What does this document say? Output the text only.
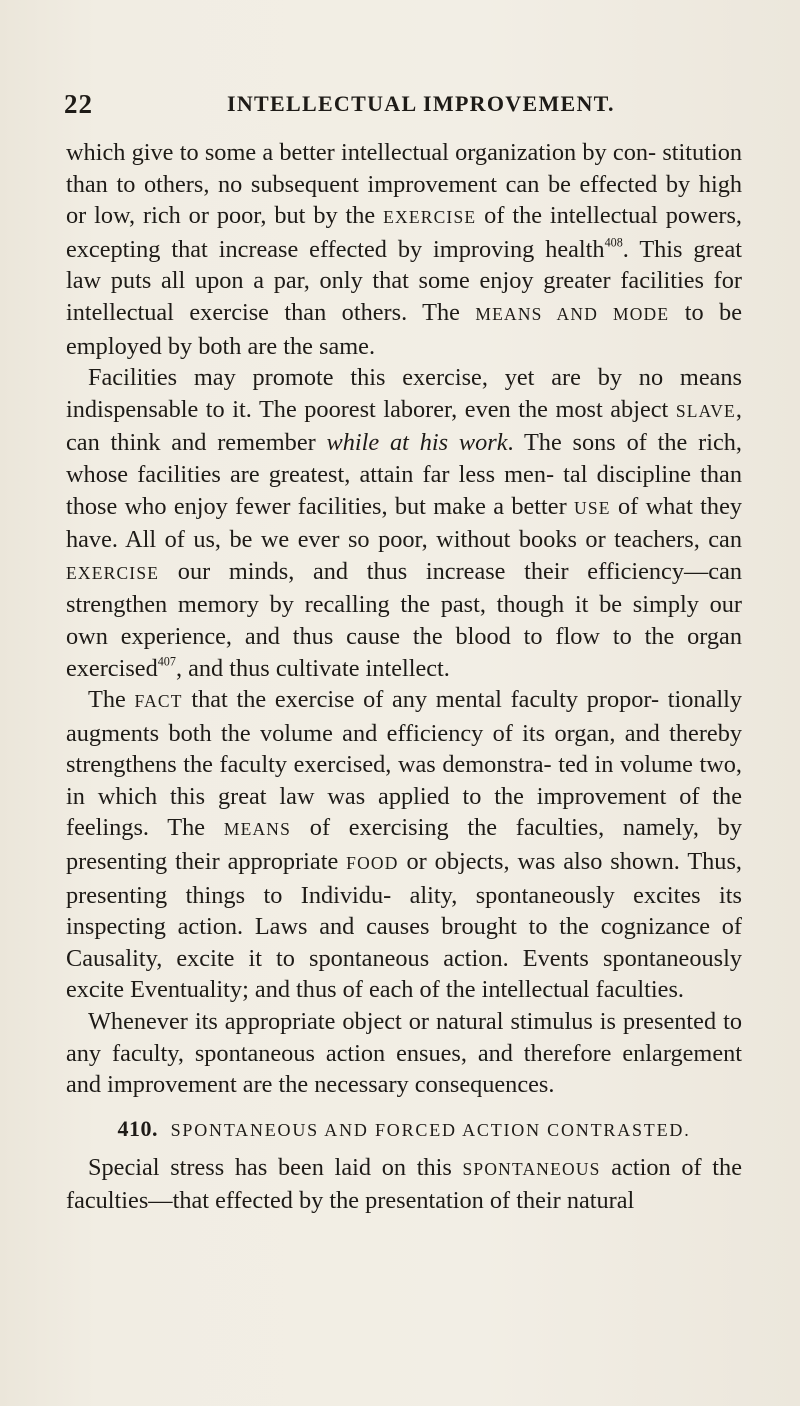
22	INTELLECTUAL IMPROVEMENT.

which give to some a better intellectual organization by con- stitution than to others, no subsequent improvement can be effected by high or low, rich or poor, but by the EXERCISE of the intellectual powers, excepting that increase effected by improving health$^{408}$. This great law puts all upon a par, only that some enjoy greater facilities for intellectual exercise than others. The MEANS AND MODE to be employed by both are the same.

Facilities may promote this exercise, yet are by no means indispensable to it. The poorest laborer, even the most abject SLAVE, can think and remember while at his work. The sons of the rich, whose facilities are greatest, attain far less men- tal discipline than those who enjoy fewer facilities, but make a better USE of what they have. All of us, be we ever so poor, without books or teachers, can EXERCISE our minds, and thus increase their efficiency—can strengthen memory by recalling the past, though it be simply our own experience, and thus cause the blood to flow to the organ exercised$^{407}$, and thus cultivate intellect.

The FACT that the exercise of any mental faculty propor- tionally augments both the volume and efficiency of its organ, and thereby strengthens the faculty exercised, was demonstra- ted in volume two, in which this great law was applied to the improvement of the feelings. The MEANS of exercising the faculties, namely, by presenting their appropriate FOOD or objects, was also shown. Thus, presenting things to Individu- ality, spontaneously excites its inspecting action. Laws and causes brought to the cognizance of Causality, excite it to spontaneous action. Events spontaneously excite Eventuality; and thus of each of the intellectual faculties.

Whenever its appropriate object or natural stimulus is presented to any faculty, spontaneous action ensues, and therefore enlargement and improvement are the necessary consequences.

410. SPONTANEOUS AND FORCED ACTION CONTRASTED.

Special stress has been laid on this SPONTANEOUS action of the faculties—that effected by the presentation of their natural
